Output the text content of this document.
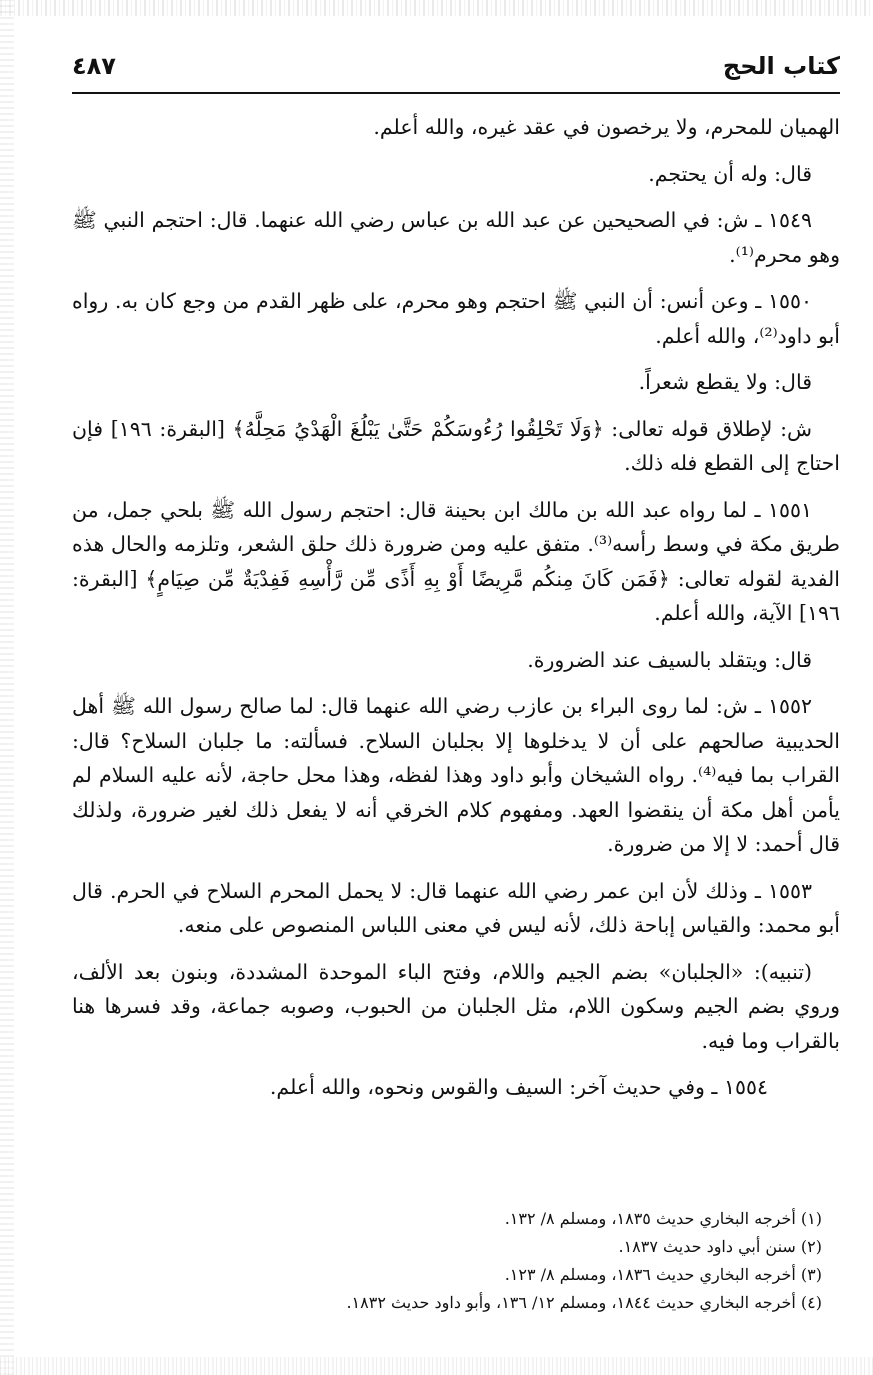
كتاب الحج
٤٨٧

الهميان للمحرم، ولا يرخصون في عقد غيره، والله أعلم.

قال: وله أن يحتجم.

١٥٤٩ ـ ش: في الصحيحين عن عبد الله بن عباس رضي الله عنهما. قال: احتجم النبي ﷺ وهو محرم⁽¹⁾.

١٥٥٠ ـ وعن أنس: أن النبي ﷺ احتجم وهو محرم، على ظهر القدم من وجع كان به. رواه أبو داود⁽²⁾، والله أعلم.

قال: ولا يقطع شعراً.

ش: لإطلاق قوله تعالى: ﴿وَلَا تَحْلِقُوا رُءُوسَكُمْ حَتَّىٰ يَبْلُغَ الْهَدْيُ مَحِلَّهُ﴾ [البقرة: ١٩٦] فإن احتاج إلى القطع فله ذلك.

١٥٥١ ـ لما رواه عبد الله بن مالك ابن بحينة قال: احتجم رسول الله ﷺ بلحي جمل، من طريق مكة في وسط رأسه⁽³⁾. متفق عليه ومن ضرورة ذلك حلق الشعر، وتلزمه والحال هذه الفدية لقوله تعالى: ﴿فَمَن كَانَ مِنكُم مَّرِيضًا أَوْ بِهِ أَذًى مِّن رَّأْسِهِ فَفِدْيَةٌ مِّن صِيَامٍ﴾ [البقرة: ١٩٦] الآية، والله أعلم.

قال: ويتقلد بالسيف عند الضرورة.

١٥٥٢ ـ ش: لما روى البراء بن عازب رضي الله عنهما قال: لما صالح رسول الله ﷺ أهل الحديبية صالحهم على أن لا يدخلوها إلا بجلبان السلاح. فسألته: ما جلبان السلاح؟ قال: القراب بما فيه⁽⁴⁾. رواه الشيخان وأبو داود وهذا لفظه، وهذا محل حاجة، لأنه عليه السلام لم يأمن أهل مكة أن ينقضوا العهد. ومفهوم كلام الخرقي أنه لا يفعل ذلك لغير ضرورة، ولذلك قال أحمد: لا إلا من ضرورة.

١٥٥٣ ـ وذلك لأن ابن عمر رضي الله عنهما قال: لا يحمل المحرم السلاح في الحرم. قال أبو محمد: والقياس إباحة ذلك، لأنه ليس في معنى اللباس المنصوص على منعه.

(تنبيه): «الجلبان» بضم الجيم واللام، وفتح الباء الموحدة المشددة، وبنون بعد الألف، وروي بضم الجيم وسكون اللام، مثل الجلبان من الحبوب، وصوبه جماعة، وقد فسرها هنا بالقراب وما فيه.

١٥٥٤ ـ وفي حديث آخر: السيف والقوس ونحوه، والله أعلم.

(١) أخرجه البخاري حديث ١٨٣٥، ومسلم ٨/ ١٣٢.

(٢) سنن أبي داود حديث ١٨٣٧.

(٣) أخرجه البخاري حديث ١٨٣٦، ومسلم ٨/ ١٢٣.

(٤) أخرجه البخاري حديث ١٨٤٤، ومسلم ١٢/ ١٣٦، وأبو داود حديث ١٨٣٢.
